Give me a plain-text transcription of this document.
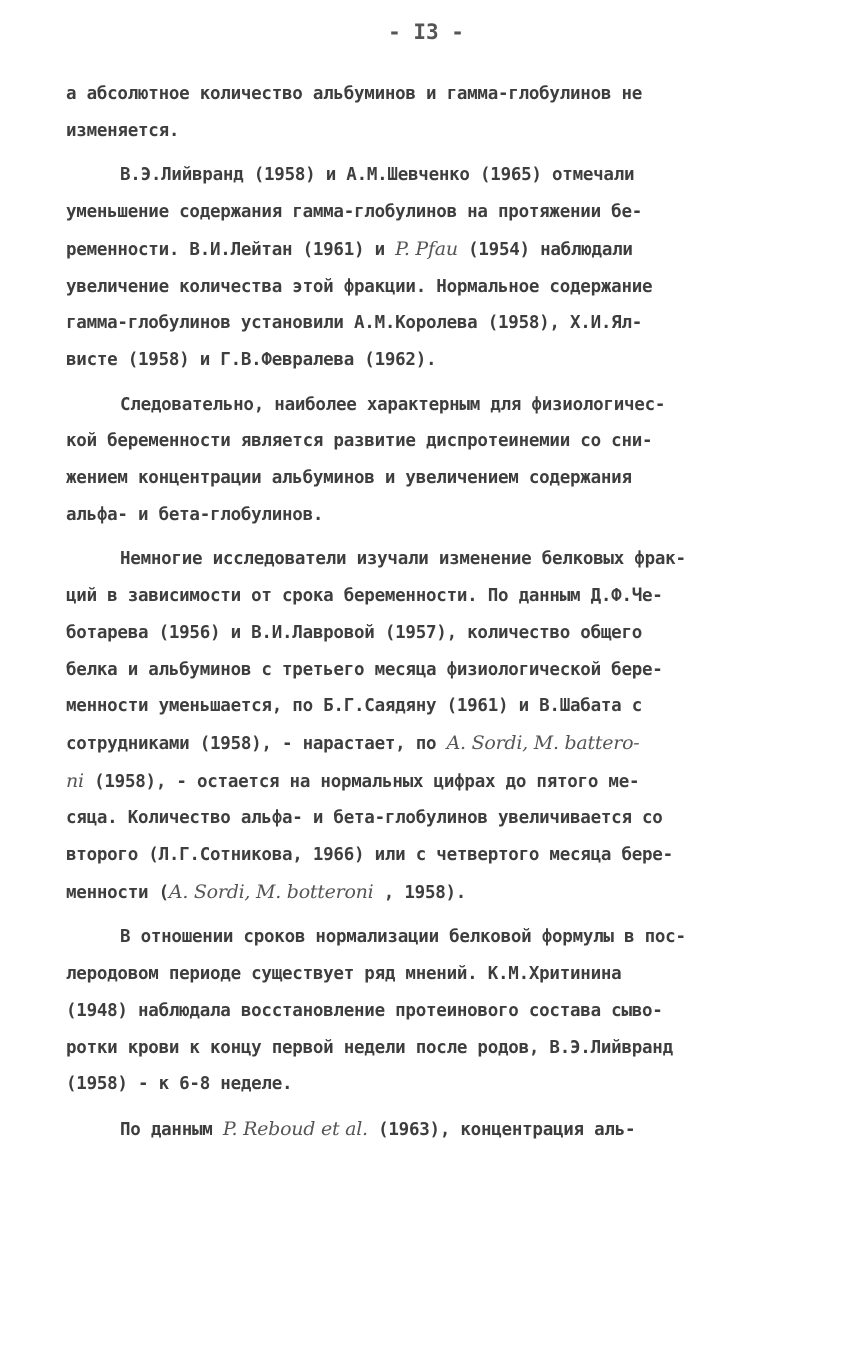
- I3 -

а абсолютное количество альбуминов и гамма-глобулинов не
изменяется.

В.Э.Лийвранд (1958) и А.М.Шевченко (1965) отмечали
уменьшение содержания гамма-глобулинов на протяжении бе-
ременности. В.И.Лейтан (1961) и P. Pfau (1954) наблюдали
увеличение количества этой фракции. Нормальное содержание
гамма-глобулинов установили А.М.Королева (1958), Х.И.Ял-
висте (1958) и Г.В.Февралева (1962).

Следовательно, наиболее характерным для физиологичес-
кой беременности является развитие диспротеинемии со сни-
жением концентрации альбуминов и увеличением содержания
альфа- и бета-глобулинов.

Немногие исследователи изучали изменение белковых фрак-
ций в зависимости от срока беременности. По данным Д.Ф.Че-
ботарева (1956) и В.И.Лавровой (1957), количество общего
белка и альбуминов с третьего месяца физиологической бере-
менности уменьшается, по Б.Г.Саядяну (1961) и В.Шабата с
сотрудниками (1958), - нарастает, по A. Sordi, M. battero-
ni (1958), - остается на нормальных цифрах до пятого ме-
сяца. Количество альфа- и бета-глобулинов увеличивается со
второго (Л.Г.Сотникова, 1966) или с четвертого месяца бере-
менности (A. Sordi, M. botteroni , 1958).

В отношении сроков нормализации белковой формулы в пос-
леродовом периоде существует ряд мнений. К.М.Хритинина
(1948) наблюдала восстановление протеинового состава сыво-
ротки крови к концу первой недели после родов, В.Э.Лийвранд
(1958) - к 6-8 неделе.

По данным P. Reboud et al. (1963), концентрация аль-
